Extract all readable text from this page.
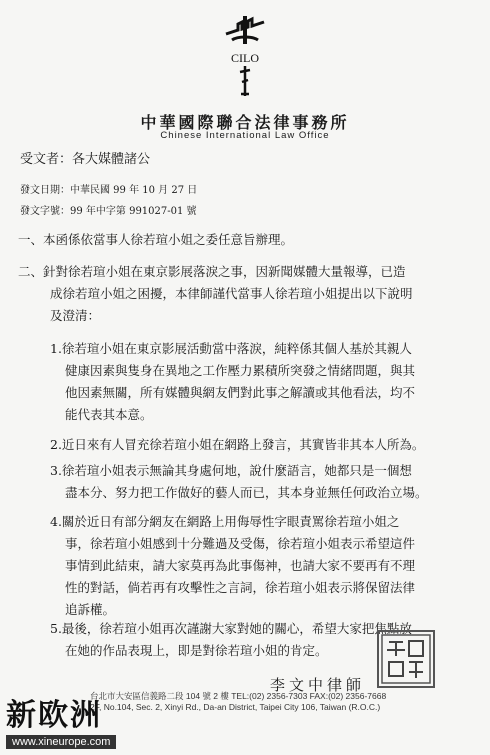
CILO
中華國際聯合法律事務所
Chinese International Law Office
受文者：各大媒體諸公
發文日期：中華民國 99 年 10 月 27 日
發文字號：99 年中字第 991027-01 號
一、本函係依當事人徐若瑄小姐之委任意旨辦理。
二、針對徐若瑄小姐在東京影展落淚之事，因新聞媒體大量報導，已造
成徐若瑄小姐之困擾，本律師謹代當事人徐若瑄小姐提出以下說明
及澄清：
1.徐若瑄小姐在東京影展活動當中落淚，純粹係其個人基於其親人
健康因素與隻身在異地之工作壓力累積所突發之情緒問題，與其
他因素無關，所有媒體與網友們對此事之解讀或其他看法，均不
能代表其本意。
2.近日來有人冒充徐若瑄小姐在網路上發言，其實皆非其本人所為。
3.徐若瑄小姐表示無論其身處何地，說什麼語言，她都只是一個想
盡本分、努力把工作做好的藝人而已，其本身並無任何政治立場。
4.關於近日有部分網友在網路上用侮辱性字眼責罵徐若瑄小姐之
事，徐若瑄小姐感到十分難過及受傷，徐若瑄小姐表示希望這件
事情到此結束，請大家莫再為此事傷神，也請大家不要再有不理
性的對話，倘若再有攻擊性之言詞，徐若瑄小姐表示將保留法律
追訴權。
5.最後，徐若瑄小姐再次謹謝大家對她的關心，希望大家把焦點放
在她的作品表現上，即是對徐若瑄小姐的肯定。
李文中律師
台北市大安區信義路二段 104 號 2 樓 TEL:(02) 2356-7303 FAX:(02) 2356-7668
2F, No.104, Sec. 2, Xinyi Rd., Da-an District, Taipei City 106, Taiwan (R.O.C.)
新欧洲
www.xineurope.com
